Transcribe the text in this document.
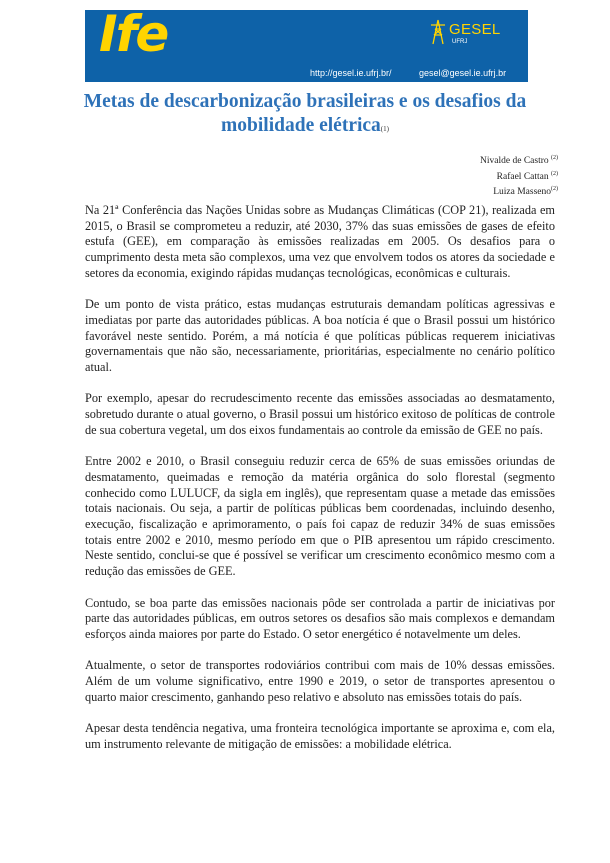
Ife	GESEL
UFRJ
http://gesel.ie.ufrj.br/	gesel@gesel.ie.ufrj.br
Metas de descarbonização brasileiras e os desafios da mobilidade elétrica(1)
Nivalde de Castro $^{(2)}$
Rafael Cattan $^{(2)}$
Luiza Masseno$^{(2)}$

Na 21ª Conferência das Nações Unidas sobre as Mudanças Climáticas (COP 21), realizada em 2015, o Brasil se comprometeu a reduzir, até 2030, 37% das suas emissões de gases de efeito estufa (GEE), em comparação às emissões realizadas em 2005. Os desafios para o cumprimento desta meta são complexos, uma vez que envolvem todos os atores da sociedade e setores da economia, exigindo rápidas mudanças tecnológicas, econômicas e culturais.

De um ponto de vista prático, estas mudanças estruturais demandam políticas agressivas e imediatas por parte das autoridades públicas. A boa notícia é que o Brasil possui um histórico favorável neste sentido. Porém, a má notícia é que políticas públicas requerem iniciativas governamentais que não são, necessariamente, prioritárias, especialmente no cenário político atual.

Por exemplo, apesar do recrudescimento recente das emissões associadas ao desmatamento, sobretudo durante o atual governo, o Brasil possui um histórico exitoso de políticas de controle de sua cobertura vegetal, um dos eixos fundamentais ao controle da emissão de GEE no país.

Entre 2002 e 2010, o Brasil conseguiu reduzir cerca de 65% de suas emissões oriundas de desmatamento, queimadas e remoção da matéria orgânica do solo florestal (segmento conhecido como LULUCF, da sigla em inglês), que representam quase a metade das emissões totais nacionais. Ou seja, a partir de políticas públicas bem coordenadas, incluindo desenho, execução, fiscalização e aprimoramento, o país foi capaz de reduzir 34% de suas emissões totais entre 2002 e 2010, mesmo período em que o PIB apresentou um rápido crescimento. Neste sentido, conclui-se que é possível se verificar um crescimento econômico mesmo com a redução das emissões de GEE.

Contudo, se boa parte das emissões nacionais pôde ser controlada a partir de iniciativas por parte das autoridades públicas, em outros setores os desafios são mais complexos e demandam esforços ainda maiores por parte do Estado. O setor energético é notavelmente um deles.

Atualmente, o setor de transportes rodoviários contribui com mais de 10% dessas emissões. Além de um volume significativo, entre 1990 e 2019, o setor de transportes apresentou o quarto maior crescimento, ganhando peso relativo e absoluto nas emissões totais do país.

Apesar desta tendência negativa, uma fronteira tecnológica importante se aproxima e, com ela, um instrumento relevante de mitigação de emissões: a mobilidade elétrica.
